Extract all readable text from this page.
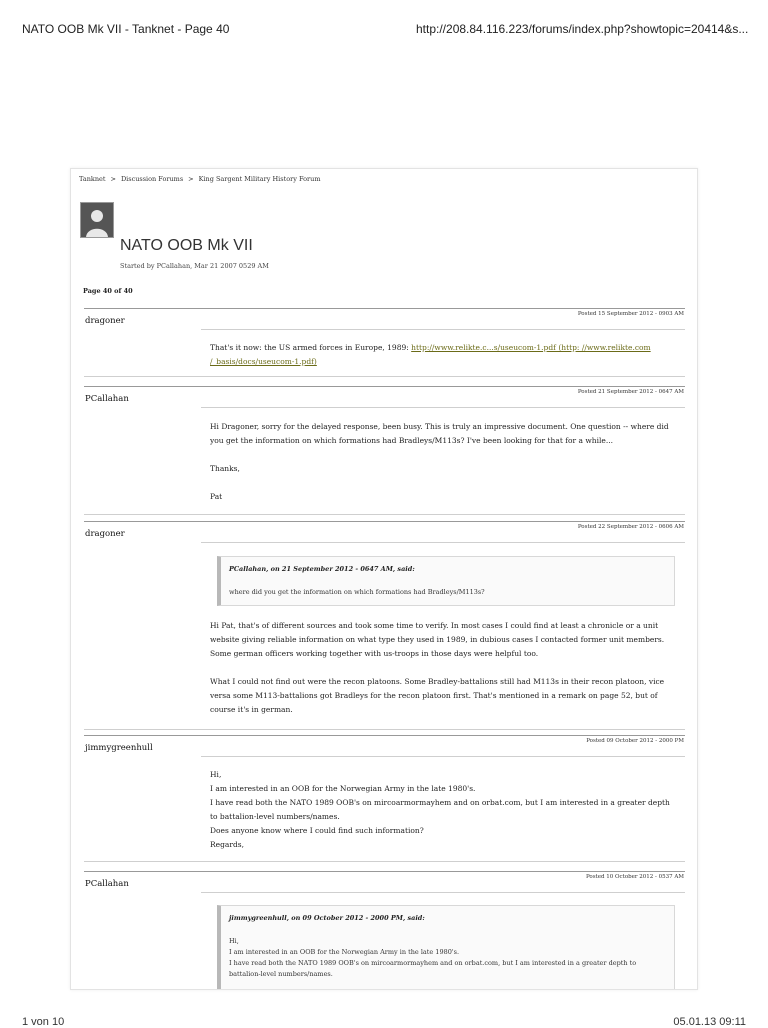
NATO OOB Mk VII - Tanknet - Page 40	http://208.84.116.223/forums/index.php?showtopic=20414&s...
Tanknet > Discussion Forums > King Sargent Military History Forum
NATO OOB Mk VII
Started by PCallahan, Mar 21 2007 0529 AM
Page 40 of 40
dragoner
Posted 15 September 2012 - 0903 AM
That's it now: the US armed forces in Europe, 1989: http://www.relikte.c...s/useucom-1.pdf (http: //www.relikte.com /_basis/docs/useucom-1.pdf)
PCallahan
Posted 21 September 2012 - 0647 AM

Hi Dragoner, sorry for the delayed response, been busy. This is truly an impressive document. One question -- where did you get the information on which formations had Bradleys/M113s? I've been looking for that for a while...

Thanks,

Pat

dragoner
Posted 22 September 2012 - 0606 AM
PCallahan, on 21 September 2012 - 0647 AM, said:

where did you get the information on which formations had Bradleys/M113s?

Hi Pat, that's of different sources and took some time to verify. In most cases I could find at least a chronicle or a unit website giving reliable information on what type they used in 1989, in dubious cases I contacted former unit members. Some german officers working together with us-troops in those days were helpful too.

What I could not find out were the recon platoons. Some Bradley-battalions still had M113s in their recon platoon, vice versa some M113-battalions got Bradleys for the recon platoon first. That's mentioned in a remark on page 52, but of course it's in german.

jimmygreenhull
Posted 09 October 2012 - 2000 PM
Hi,
I am interested in an OOB for the Norwegian Army in the late 1980's.
I have read both the NATO 1989 OOB's on mircoarmormayhem and on orbat.com, but I am interested in a greater depth to battalion-level numbers/names.
Does anyone know where I could find such information?
Regards,
PCallahan
Posted 10 October 2012 - 0537 AM
jimmygreenhull, on 09 October 2012 - 2000 PM, said:

Hi,

I am interested in an OOB for the Norwegian Army in the late 1980's.

I have read both the NATO 1989 OOB's on mircoarmormayhem and on orbat.com, but I am interested in a greater depth to battalion-level numbers/names.

1 von 10	05.01.13 09:11
